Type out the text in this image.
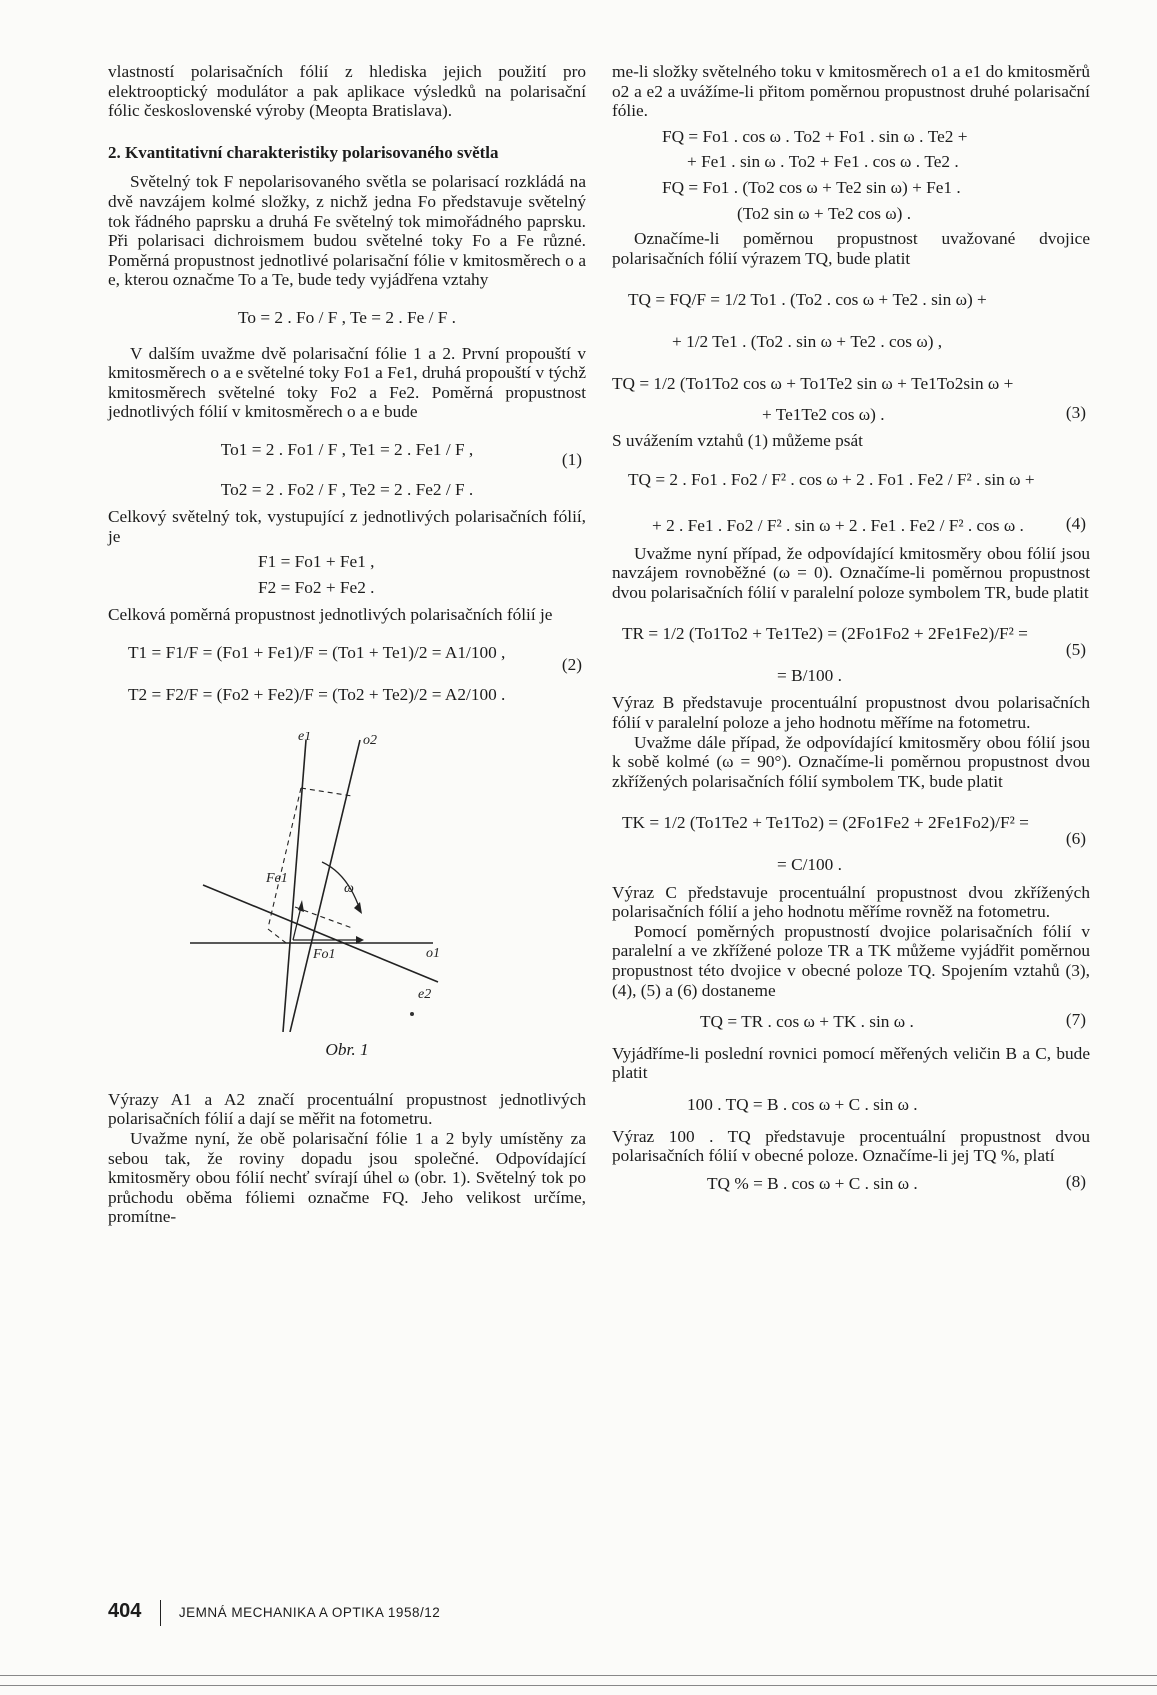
vlastností polarisačních fólií z hlediska jejich použití pro elektrooptický modulátor a pak aplikace výsledků na polarisační fólic československé výroby (Meopta Bratislava).

2. Kvantitativní charakteristiky polarisovaného světla

Světelný tok F nepolarisovaného světla se polarisací rozkládá na dvě navzájem kolmé složky, z nichž jedna Fo představuje světelný tok řádného paprsku a druhá Fe světelný tok mimořádného paprsku. Při polarisaci dichroismem budou světelné toky Fo a Fe různé. Poměrná propustnost jednotlivé polarisační fólie v kmitosměrech o a e, kterou označme To a Te, bude tedy vyjádřena vztahy

To = 2 . Fo / F , Te = 2 . Fe / F .

V dalším uvažme dvě polarisační fólie 1 a 2. První propouští v kmitosměrech o a e světelné toky Fo1 a Fe1, druhá propouští v týchž kmitosměrech světelné toky Fo2 a Fe2. Poměrná propustnost jednotlivých fólií v kmitosměrech o a e bude

To1 = 2 . Fo1 / F , Te1 = 2 . Fe1 / F ,
To2 = 2 . Fo2 / F , Te2 = 2 . Fe2 / F .
(1)

Celkový světelný tok, vystupující z jednotlivých polarisačních fólií, je

F1 = Fo1 + Fe1 ,
F2 = Fo2 + Fe2 .

Celková poměrná propustnost jednotlivých polarisačních fólií je

T1 = F1/F = (Fo1 + Fe1)/F = (To1 + Te1)/2 = A1/100 ,
T2 = F2/F = (Fo2 + Fe2)/F = (To2 + Te2)/2 = A2/100 .
(2)
e1	o2
Fe1
ω
Fo1	o1
e2

Obr. 1

Výrazy A1 a A2 značí procentuální propustnost jednotlivých polarisačních fólií a dají se měřit na fotometru.

Uvažme nyní, že obě polarisační fólie 1 a 2 byly umístěny za sebou tak, že roviny dopadu jsou společné. Odpovídající kmitosměry obou fólií nechť svírají úhel ω (obr. 1). Světelný tok po průchodu oběma fóliemi označme FQ. Jeho velikost určíme, promítne-

me-li složky světelného toku v kmitosměrech o1 a e1 do kmitosměrů o2 a e2 a uvážíme-li přitom poměrnou propustnost druhé polarisační fólie.

FQ = Fo1 . cos ω . To2 + Fo1 . sin ω . Te2 +
+ Fe1 . sin ω . To2 + Fe1 . cos ω . Te2 .
FQ = Fo1 . (To2 cos ω + Te2 sin ω) + Fe1 .
(To2 sin ω + Te2 cos ω) .

Označíme-li poměrnou propustnost uvažované dvojice polarisačních fólií výrazem TQ, bude platit

TQ = FQ/F = 1/2 To1 . (To2 . cos ω + Te2 . sin ω) +
+ 1/2 Te1 . (To2 . sin ω + Te2 . cos ω) ,
TQ = 1/2 (To1To2 cos ω + To1Te2 sin ω + Te1To2sin ω +
+ Te1Te2 cos ω) .	(3)

S uvážením vztahů (1) můžeme psát

TQ = 2 . Fo1 . Fo2 / F² . cos ω + 2 . Fo1 . Fe2 / F² . sin ω +
+ 2 . Fe1 . Fo2 / F² . sin ω + 2 . Fe1 . Fe2 / F² . cos ω .	(4)

Uvažme nyní případ, že odpovídající kmitosměry obou fólií jsou navzájem rovnoběžné (ω = 0). Označíme-li poměrnou propustnost dvou polarisačních fólií v paralelní poloze symbolem TR, bude platit

TR = 1/2 (To1To2 + Te1Te2) = (2Fo1Fo2 + 2Fe1Fe2)/F² =
= B/100 .
(5)

Výraz B představuje procentuální propustnost dvou polarisačních fólií v paralelní poloze a jeho hodnotu měříme na fotometru.

Uvažme dále případ, že odpovídající kmitosměry obou fólií jsou k sobě kolmé (ω = 90°). Označíme-li poměrnou propustnost dvou zkřížených polarisačních fólií symbolem TK, bude platit

TK = 1/2 (To1Te2 + Te1To2) = (2Fo1Fe2 + 2Fe1Fo2)/F² =
= C/100 .
(6)

Výraz C představuje procentuální propustnost dvou zkřížených polarisačních fólií a jeho hodnotu měříme rovněž na fotometru.

Pomocí poměrných propustností dvojice polarisačních fólií v paralelní a ve zkřížené poloze TR a TK můžeme vyjádřit poměrnou propustnost této dvojice v obecné poloze TQ. Spojením vztahů (3), (4), (5) a (6) dostaneme

TQ = TR . cos ω + TK . sin ω .	(7)

Vyjádříme-li poslední rovnici pomocí měřených veličin B a C, bude platit

100 . TQ = B . cos ω + C . sin ω .

Výraz 100 . TQ představuje procentuální propustnost dvou polarisačních fólií v obecné poloze. Označíme-li jej TQ %, platí

TQ % = B . cos ω + C . sin ω .	(8)
404	JEMNÁ MECHANIKA A OPTIKA 1958/12
